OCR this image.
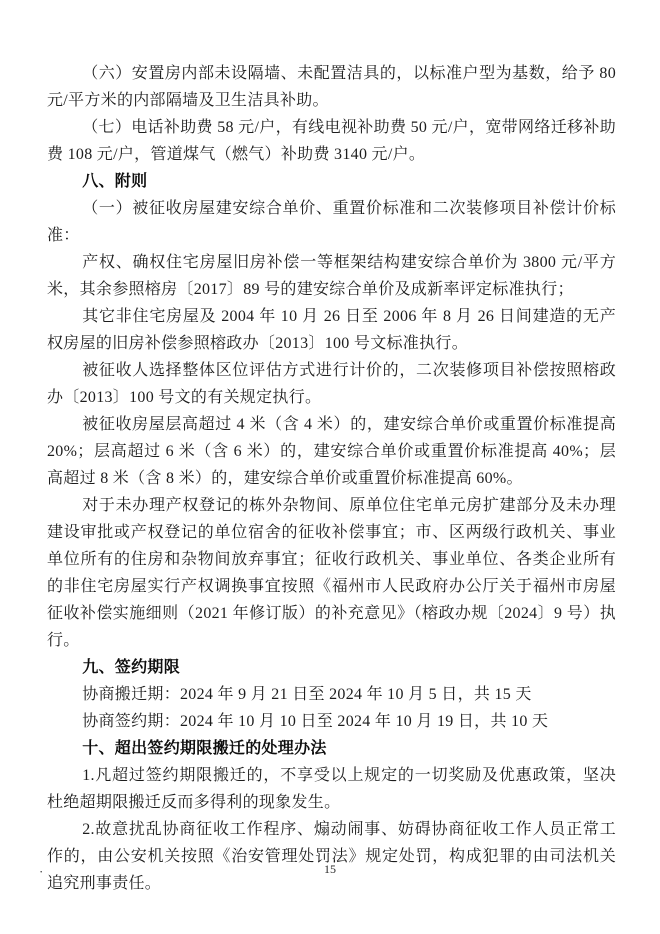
（六）安置房内部未设隔墙、未配置洁具的，以标准户型为基数，给予 80 元/平方米的内部隔墙及卫生洁具补助。

（七）电话补助费 58 元/户，有线电视补助费 50 元/户，宽带网络迁移补助费 108 元/户，管道煤气（燃气）补助费 3140 元/户。

八、附则

（一）被征收房屋建安综合单价、重置价标准和二次装修项目补偿计价标准：

产权、确权住宅房屋旧房补偿一等框架结构建安综合单价为 3800 元/平方米，其余参照榕房〔2017〕89 号的建安综合单价及成新率评定标准执行；

其它非住宅房屋及 2004 年 10 月 26 日至 2006 年 8 月 26 日间建造的无产权房屋的旧房补偿参照榕政办〔2013〕100 号文标准执行。

被征收人选择整体区位评估方式进行计价的，二次装修项目补偿按照榕政办〔2013〕100 号文的有关规定执行。

被征收房屋层高超过 4 米（含 4 米）的，建安综合单价或重置价标准提高 20%；层高超过 6 米（含 6 米）的，建安综合单价或重置价标准提高 40%；层高超过 8 米（含 8 米）的，建安综合单价或重置价标准提高 60%。

对于未办理产权登记的栋外杂物间、原单位住宅单元房扩建部分及未办理建设审批或产权登记的单位宿舍的征收补偿事宜；市、区两级行政机关、事业单位所有的住房和杂物间放弃事宜；征收行政机关、事业单位、各类企业所有的非住宅房屋实行产权调换事宜按照《福州市人民政府办公厅关于福州市房屋征收补偿实施细则（2021 年修订版）的补充意见》（榕政办规〔2024〕9 号）执行。

九、签约期限

协商搬迁期：2024 年 9 月 21 日至 2024 年 10 月 5 日，共 15 天

协商签约期：2024 年 10 月 10 日至 2024 年 10 月 19 日，共 10 天

十、超出签约期限搬迁的处理办法

1.凡超过签约期限搬迁的，不享受以上规定的一切奖励及优惠政策，坚决杜绝超期限搬迁反而多得利的现象发生。

2.故意扰乱协商征收工作程序、煽动闹事、妨碍协商征收工作人员正常工作的，由公安机关按照《治安管理处罚法》规定处罚，构成犯罪的由司法机关追究刑事责任。

·	15
